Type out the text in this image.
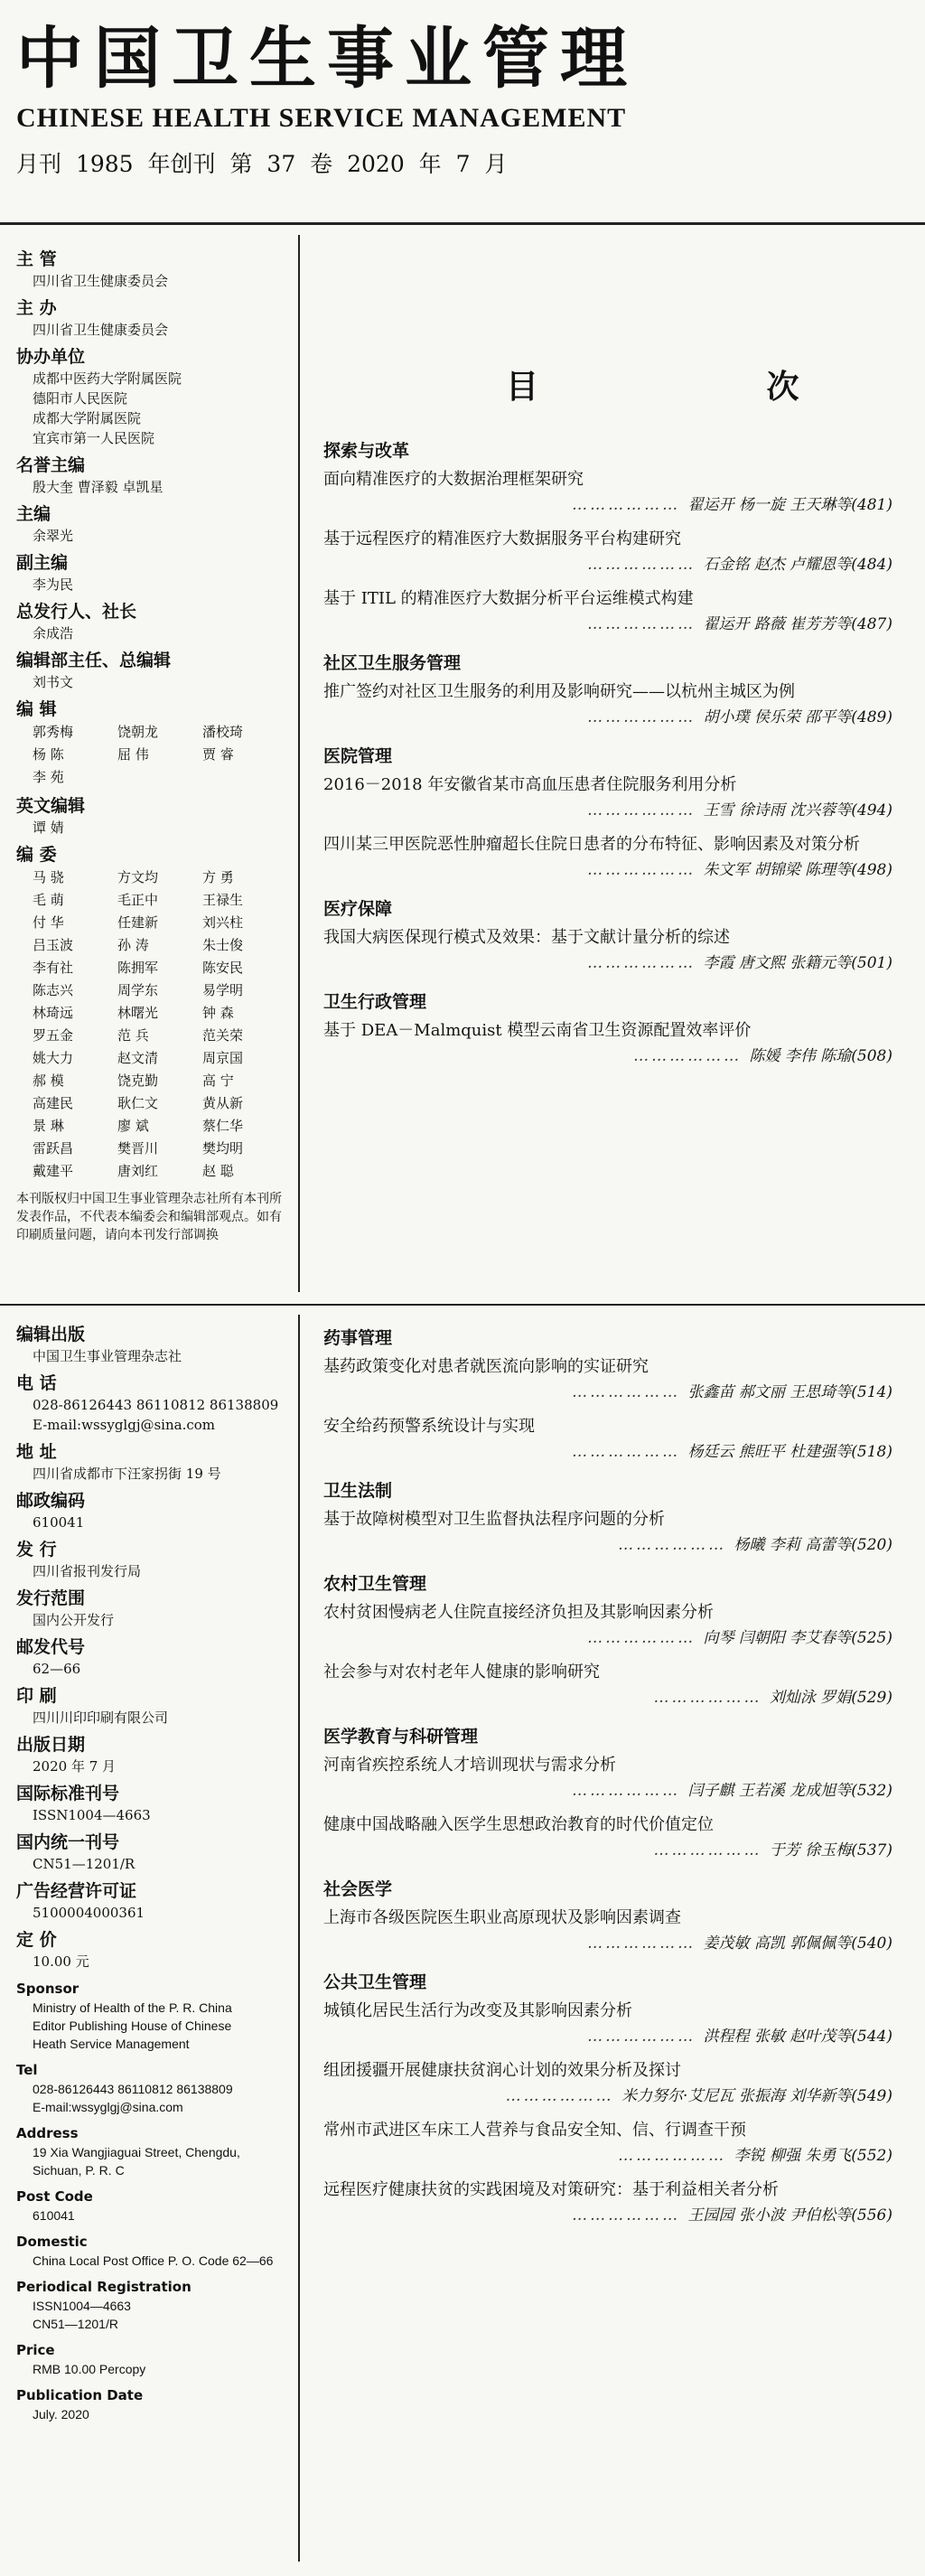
中国卫生事业管理
CHINESE HEALTH SERVICE MANAGEMENT
月刊 1985 年创刊 第 37 卷 2020 年 7 月
主 管
四川省卫生健康委员会
主 办
四川省卫生健康委员会
协办单位
成都中医药大学附属医院
德阳市人民医院
成都大学附属医院
宜宾市第一人民医院
名誉主编
殷大奎 曹泽毅 卓凯星
主编
余翠光
副主编
李为民
总发行人、社长
余成浩
编辑部主任、总编辑
刘书文
编 辑
郭秀梅	饶朝龙	潘校琦
杨 陈	屈 伟	贾 睿
李 苑
英文编辑
谭 婧
编 委
马 骁	方文均	方 勇
毛 萌	毛正中	王禄生
付 华	任建新	刘兴柱
吕玉波	孙 涛	朱士俊
李有社	陈拥军	陈安民
陈志兴	周学东	易学明
林琦远	林曙光	钟 森
罗五金	范 兵	范关荣
姚大力	赵文清	周京国
郝 模	饶克勤	高 宁
高建民	耿仁文	黄从新
景 琳	廖 斌	蔡仁华
雷跃昌	樊晋川	樊均明
戴建平	唐刘红	赵 聪
本刊版权归中国卫生事业管理杂志社所有本刊所发表作品，不代表本编委会和编辑部观点。如有印刷质量问题，请向本刊发行部调换
编辑出版
中国卫生事业管理杂志社
电 话
028-86126443 86110812 86138809
E-mail:wssyglgj@sina.com
地 址
四川省成都市下汪家拐街 19 号
邮政编码
610041
发 行
四川省报刊发行局
发行范围
国内公开发行
邮发代号
62—66
印 刷
四川川印印刷有限公司
出版日期
2020 年 7 月
国际标准刊号
ISSN1004—4663
国内统一刊号
CN51—1201/R
广告经营许可证
5100004000361
定 价
10.00 元
Sponsor
Ministry of Health of the P. R. China
Editor Publishing House of Chinese
Heath Service Management
Tel
028-86126443 86110812 86138809
E-mail:wssyglgj@sina.com
Address
19 Xia Wangjiaguai Street, Chengdu, Sichuan, P. R. C
Post Code
610041
Domestic
China Local Post Office P. O. Code 62—66
Periodical Registration
ISSN1004—4663
CN51—1201/R
Price
RMB 10.00 Percopy
Publication Date
July. 2020
目 次
探索与改革
面向精准医疗的大数据治理框架研究
……………… 翟运开 杨一旋 王天琳等(481)
基于远程医疗的精准医疗大数据服务平台构建研究
……………… 石金铭 赵杰 卢耀恩等(484)
基于 ITIL 的精准医疗大数据分析平台运维模式构建
……………… 翟运开 路薇 崔芳芳等(487)
社区卫生服务管理
推广签约对社区卫生服务的利用及影响研究——以杭州主城区为例
……………… 胡小璞 侯乐荣 邵平等(489)
医院管理
2016－2018 年安徽省某市高血压患者住院服务利用分析
……………… 王雪 徐诗雨 沈兴蓉等(494)
四川某三甲医院恶性肿瘤超长住院日患者的分布特征、影响因素及对策分析
……………… 朱文军 胡锦梁 陈理等(498)
医疗保障
我国大病医保现行模式及效果：基于文献计量分析的综述
……………… 李霞 唐文熙 张籍元等(501)
卫生行政管理
基于 DEA－Malmquist 模型云南省卫生资源配置效率评价
……………… 陈媛 李伟 陈瑜(508)
药事管理
基药政策变化对患者就医流向影响的实证研究
……………… 张鑫苗 郝文丽 王思琦等(514)
安全给药预警系统设计与实现
……………… 杨廷云 熊旺平 杜建强等(518)
卫生法制
基于故障树模型对卫生监督执法程序问题的分析
……………… 杨曦 李莉 高蕾等(520)
农村卫生管理
农村贫困慢病老人住院直接经济负担及其影响因素分析
……………… 向琴 闫朝阳 李艾春等(525)
社会参与对农村老年人健康的影响研究
……………… 刘灿泳 罗娟(529)
医学教育与科研管理
河南省疾控系统人才培训现状与需求分析
……………… 闫子麒 王若溪 龙成旭等(532)
健康中国战略融入医学生思想政治教育的时代价值定位
……………… 于芳 徐玉梅(537)
社会医学
上海市各级医院医生职业高原现状及影响因素调查
……………… 姜茂敏 高凯 郭佩佩等(540)
公共卫生管理
城镇化居民生活行为改变及其影响因素分析
……………… 洪程程 张敏 赵叶茂等(544)
组团援疆开展健康扶贫润心计划的效果分析及探讨
……………… 米力努尔·艾尼瓦 张振海 刘华新等(549)
常州市武进区车床工人营养与食品安全知、信、行调查干预
……………… 李锐 柳强 朱勇飞(552)
远程医疗健康扶贫的实践困境及对策研究：基于利益相关者分析
……………… 王园园 张小波 尹伯松等(556)
